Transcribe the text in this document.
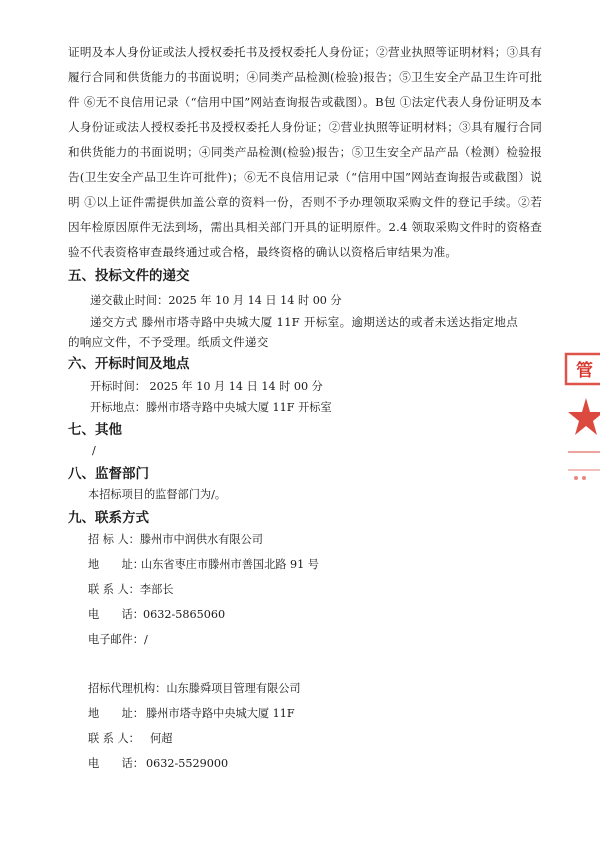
证明及本人身份证或法人授权委托书及授权委托人身份证；②营业执照等证明材料；③具有履行合同和供货能力的书面说明；④同类产品检测(检验)报告；⑤卫生安全产品卫生许可批件 ⑥无不良信用记录（“信用中国”网站查询报告或截图）。B包 ①法定代表人身份证明及本人身份证或法人授权委托书及授权委托人身份证；②营业执照等证明材料；③具有履行合同和供货能力的书面说明；④同类产品检测(检验)报告；⑤卫生安全产品产品（检测）检验报告(卫生安全产品卫生许可批件)；⑥无不良信用记录（“信用中国”网站查询报告或截图）说明 ①以上证件需提供加盖公章的资料一份，否则不予办理领取采购文件的登记手续。②若因年检原因原件无法到场，需出具相关部门开具的证明原件。2.4 领取采购文件时的资格查验不代表资格审查最终通过或合格，最终资格的确认以资格后审结果为准。

五、投标文件的递交
递交截止时间：2025 年 10 月 14 日 14 时 00 分

递交方式 滕州市塔寺路中央城大厦 11F 开标室。逾期送达的或者未送达指定地点的响应文件，不予受理。纸质文件递交

六、开标时间及地点
开标时间： 2025 年 10 月 14 日 14 时 00 分
开标地点：滕州市塔寺路中央城大厦 11F 开标室
七、其他
/
八、监督部门
本招标项目的监督部门为/。
九、联系方式
招 标 人：滕州市中润供水有限公司
地　　址：山东省枣庄市滕州市善国北路 91 号
联 系 人：李部长
电　　话：0632-5865060
电子邮件：/
招标代理机构：山东滕舜项目管理有限公司
地　　址： 滕州市塔寺路中央城大厦 11F
联 系 人： 何超
电　　话： 0632-5529000
管
